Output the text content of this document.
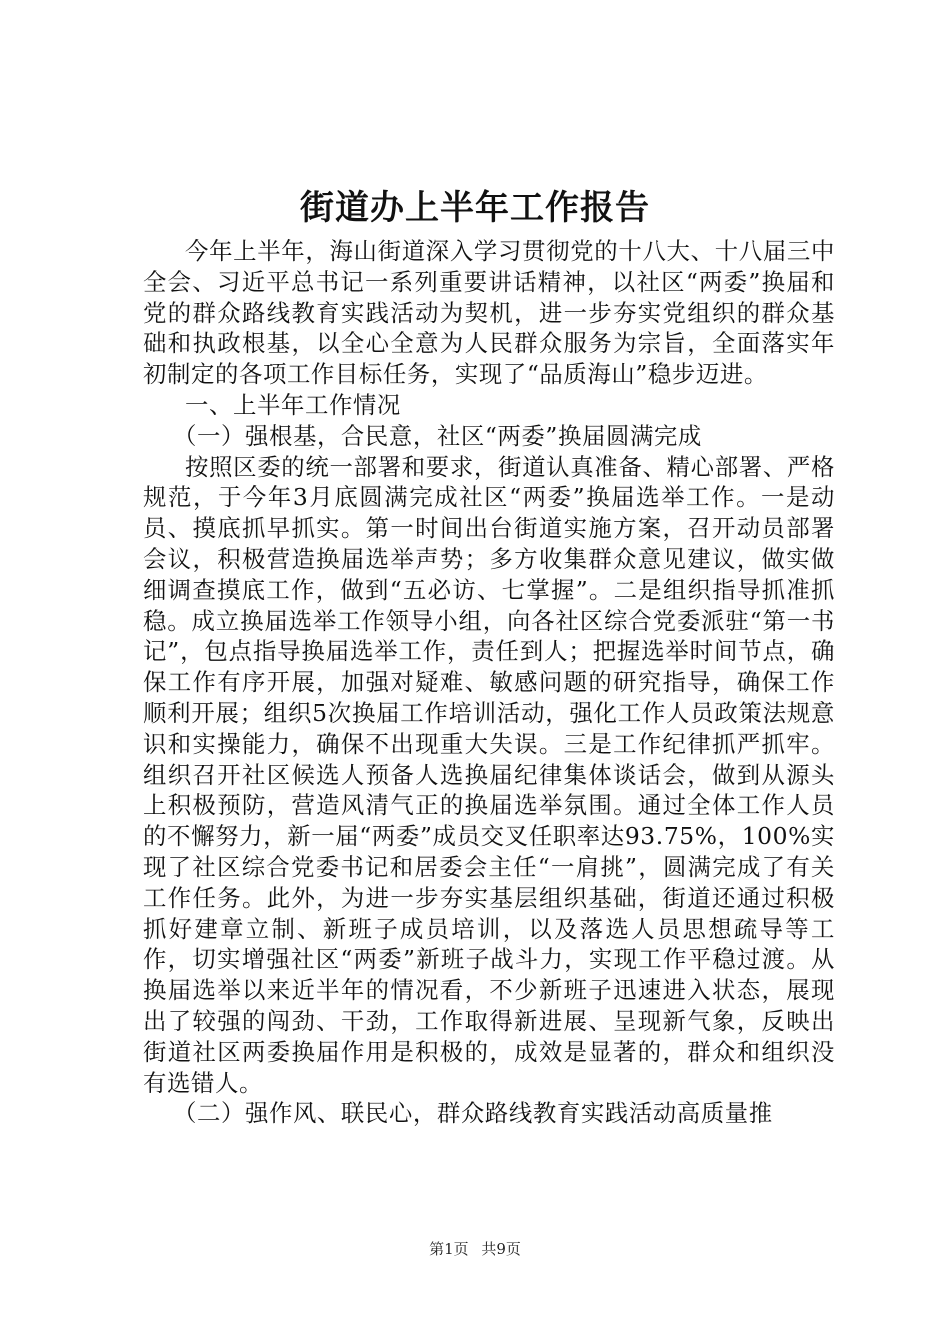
街道办上半年工作报告

今年上半年，海山街道深入学习贯彻党的十八大、十八届三中全会、习近平总书记一系列重要讲话精神，以社区“两委”换届和党的群众路线教育实践活动为契机，进一步夯实党组织的群众基础和执政根基，以全心全意为人民群众服务为宗旨，全面落实年初制定的各项工作目标任务，实现了“品质海山”稳步迈进。

一、上半年工作情况

（一）强根基，合民意，社区“两委”换届圆满完成

按照区委的统一部署和要求，街道认真准备、精心部署、严格规范，于今年3月底圆满完成社区“两委”换届选举工作。一是动员、摸底抓早抓实。第一时间出台街道实施方案，召开动员部署会议，积极营造换届选举声势；多方收集群众意见建议，做实做细调查摸底工作，做到“五必访、七掌握”。二是组织指导抓准抓稳。成立换届选举工作领导小组，向各社区综合党委派驻“第一书记”，包点指导换届选举工作，责任到人；把握选举时间节点，确保工作有序开展，加强对疑难、敏感问题的研究指导，确保工作顺利开展；组织5次换届工作培训活动，强化工作人员政策法规意识和实操能力，确保不出现重大失误。三是工作纪律抓严抓牢。组织召开社区候选人预备人选换届纪律集体谈话会，做到从源头上积极预防，营造风清气正的换届选举氛围。通过全体工作人员的不懈努力，新一届“两委”成员交叉任职率达93.75%，100%实现了社区综合党委书记和居委会主任“一肩挑”，圆满完成了有关工作任务。此外，为进一步夯实基层组织基础，街道还通过积极抓好建章立制、新班子成员培训，以及落选人员思想疏导等工作，切实增强社区“两委”新班子战斗力，实现工作平稳过渡。从换届选举以来近半年的情况看，不少新班子迅速进入状态，展现出了较强的闯劲、干劲，工作取得新进展、呈现新气象，反映出街道社区两委换届作用是积极的，成效是显著的，群众和组织没有选错人。

（二）强作风、联民心，群众路线教育实践活动高质量推

第1页 共9页
